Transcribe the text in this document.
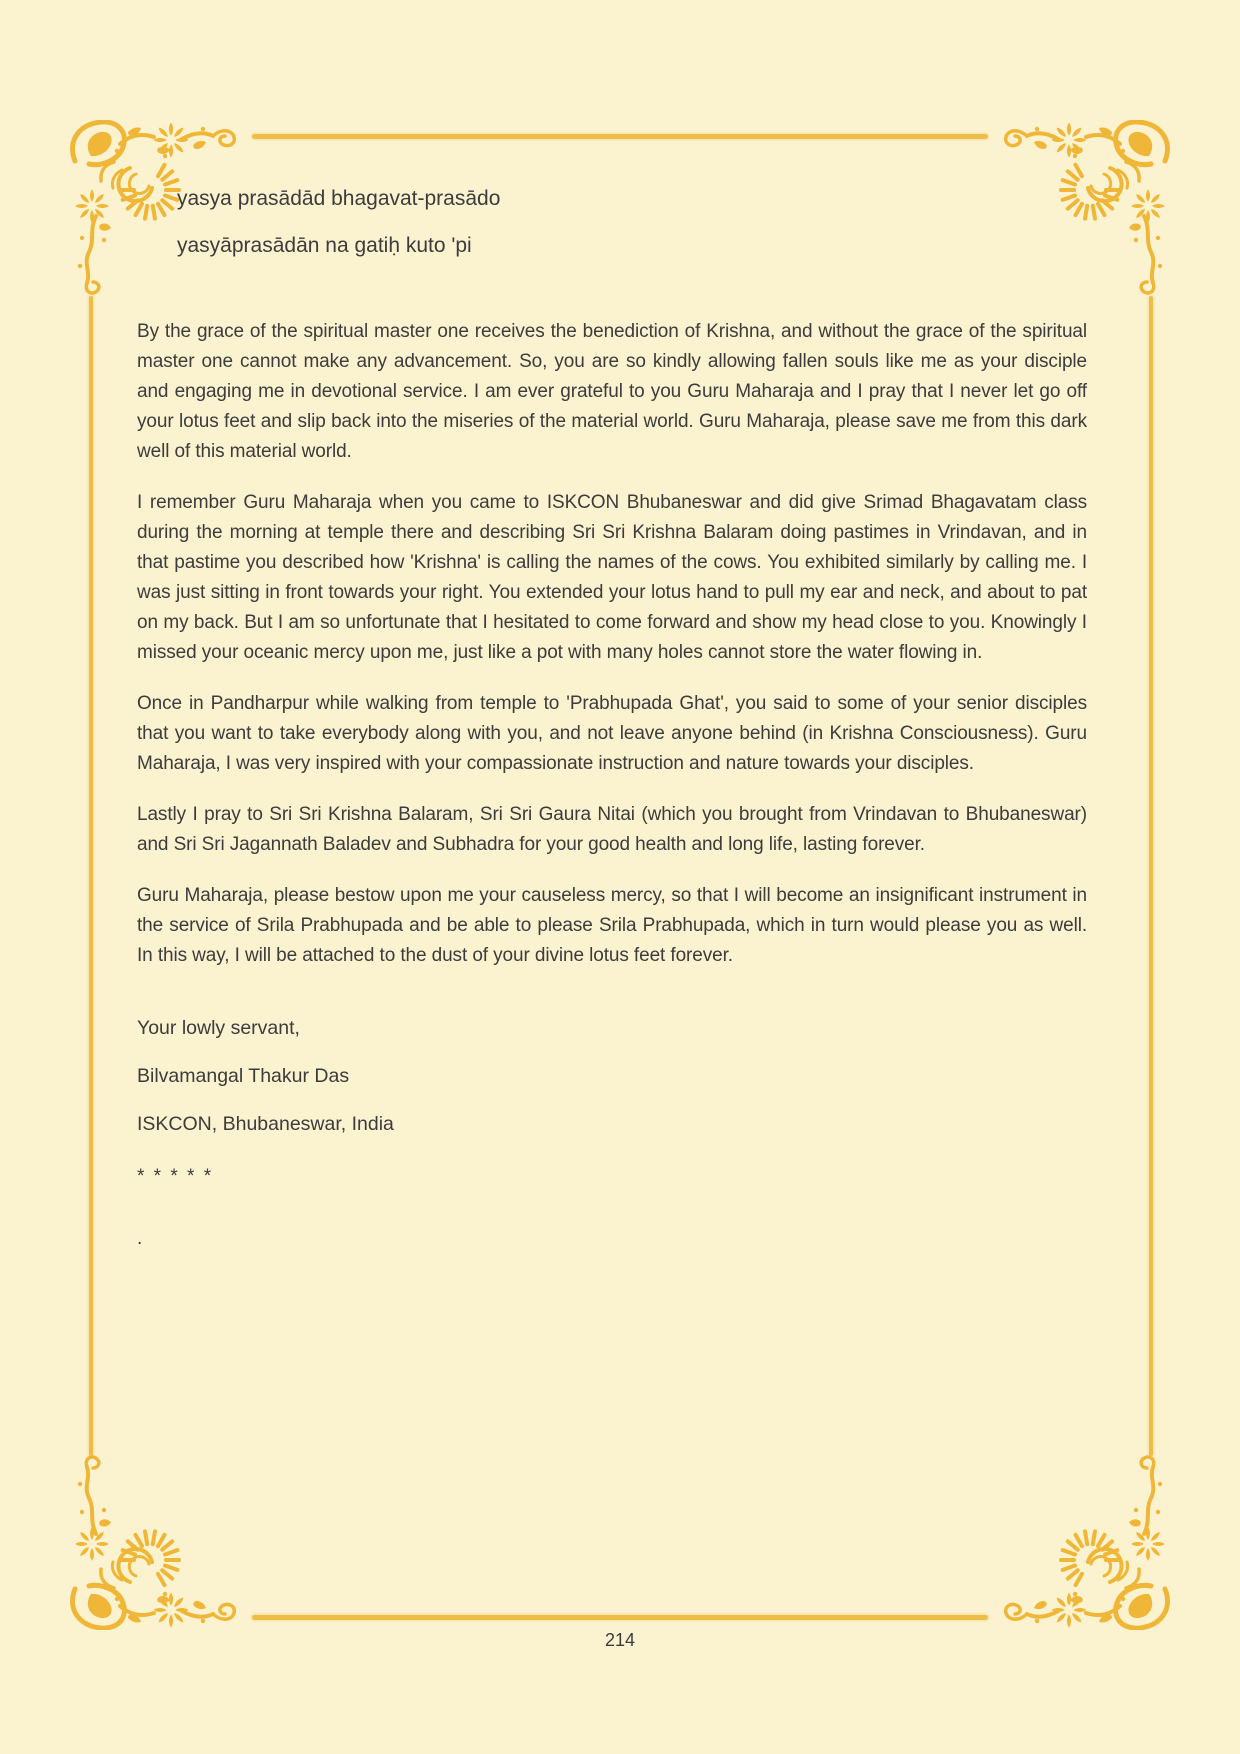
yasya prasādād bhagavat-prasādo

yasyāprasādān na gatiḥ kuto 'pi

By the grace of the spiritual master one receives the benediction of Krishna, and without the grace of the spiritual master one cannot make any advancement. So, you are so kindly allowing fallen souls like me as your disciple and engaging me in devotional service. I am ever grateful to you Guru Maharaja and I pray that I never let go off your lotus feet and slip back into the miseries of the material world. Guru Maharaja, please save me from this dark well of this material world.

I remember Guru Maharaja when you came to ISKCON Bhubaneswar and did give Srimad Bhagavatam class during the morning at temple there and describing Sri Sri Krishna Balaram doing pastimes in Vrindavan, and in that pastime you described how 'Krishna' is calling the names of the cows. You exhibited similarly by calling me. I was just sitting in front towards your right. You extended your lotus hand to pull my ear and neck, and about to pat on my back. But I am so unfortunate that I hesitated to come forward and show my head close to you. Knowingly I missed your oceanic mercy upon me, just like a pot with many holes cannot store the water flowing in.

Once in Pandharpur while walking from temple to 'Prabhupada Ghat', you said to some of your senior disciples that you want to take everybody along with you, and not leave anyone behind (in Krishna Consciousness). Guru Maharaja, I was very inspired with your compassionate instruction and nature towards your disciples.

Lastly I pray to Sri Sri Krishna Balaram, Sri Sri Gaura Nitai (which you brought from Vrindavan to Bhubaneswar) and Sri Sri Jagannath Baladev and Subhadra for your good health and long life, lasting forever.

Guru Maharaja, please bestow upon me your causeless mercy, so that I will become an insignificant instrument in the service of Srila Prabhupada and be able to please Srila Prabhupada, which in turn would please you as well. In this way, I will be attached to the dust of your divine lotus feet forever.

Your lowly servant,

Bilvamangal Thakur Das

ISKCON, Bhubaneswar, India

* * * * *

.

214
